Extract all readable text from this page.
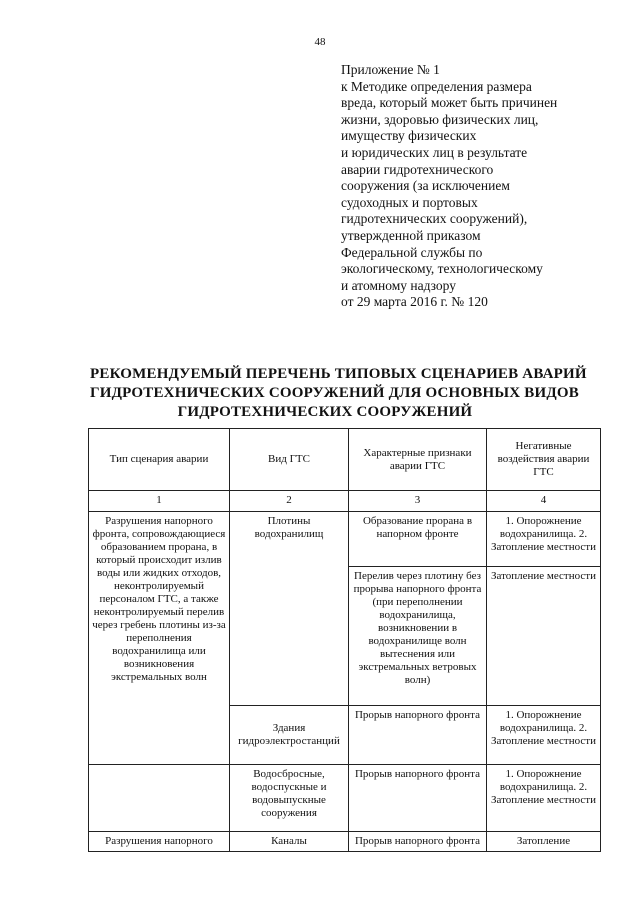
48
Приложение № 1
к Методике определения размера
вреда, который может быть причинен
жизни, здоровью физических лиц,
имуществу физических
и юридических лиц в результате
аварии гидротехнического
сооружения (за исключением
судоходных и портовых
гидротехнических сооружений),
утвержденной приказом
Федеральной службы по
экологическому, технологическому
и атомному надзору
от 29 марта 2016 г. № 120
РЕКОМЕНДУЕМЫЙ ПЕРЕЧЕНЬ ТИПОВЫХ СЦЕНАРИЕВ АВАРИЙ
ГИДРОТЕХНИЧЕСКИХ СООРУЖЕНИЙ ДЛЯ ОСНОВНЫХ ВИДОВ
ГИДРОТЕХНИЧЕСКИХ СООРУЖЕНИЙ
Тип сценария аварии	Вид ГТС	Характерные признаки аварии ГТС	Негативные воздействия аварии ГТС
1	2	3	4
Разрушения напорного фронта, сопровождающиеся образованием прорана, в который происходит излив воды или жидких отходов, неконтролируемый персоналом ГТС, а также неконтролируемый перелив через гребень плотины из-за переполнения водохранилища или возникновения экстремальных волн	Плотины водохранилищ	Образование прорана в напорном фронте	1. Опорожнение водохранилища. 2. Затопление местности
		Перелив через плотину без прорыва напорного фронта (при переполнении водохранилища, возникновении в водохранилище волн вытеснения или экстремальных ветровых волн)	Затопление местности
	Здания гидроэлектростанций	Прорыв напорного фронта	1. Опорожнение водохранилища. 2. Затопление местности
	Водосбросные, водоспускные и водовыпускные сооружения	Прорыв напорного фронта	1. Опорожнение водохранилища. 2. Затопление местности
Разрушения напорного	Каналы	Прорыв напорного фронта	Затопление
